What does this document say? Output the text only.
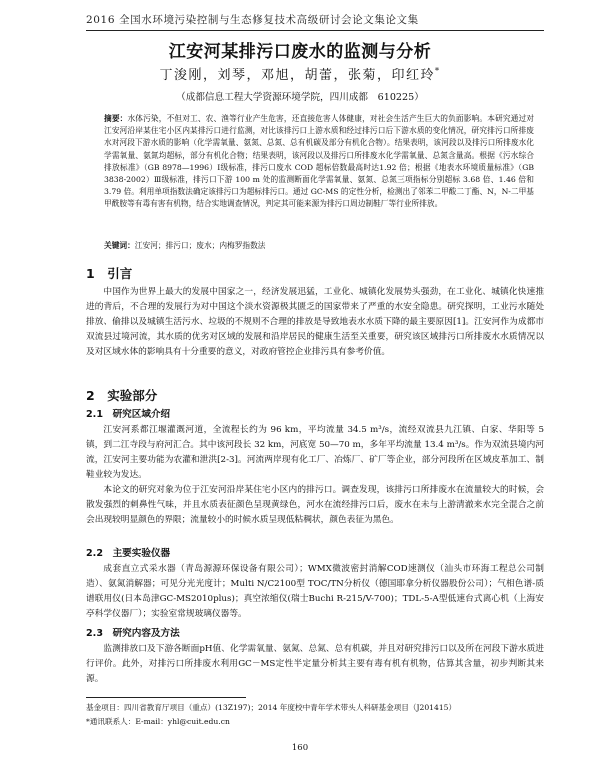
2016 全国水环境污染控制与生态修复技术高级研讨会论文集论文集
江安河某排污口废水的监测与分析
丁浚刚，刘琴，邓旭，胡蕾，张菊，印红玲*
（成都信息工程大学资源环境学院，四川成都　610225）
摘要：水体污染，不但对工、农、渔等行业产生危害，还直接危害人体健康，对社会生活产生巨大的负面影响。本研究通过对江安河沿岸某住宅小区内某排污口进行监测，对比该排污口上游水质和经过排污口后下游水质的变化情况，研究排污口所排废水对河段下游水质的影响（化学需氧量、氨氮、总氮、总有机碳及部分有机化合物）。结果表明，该河段以及排污口所排废水化学需氧量、氨氮均超标，部分有机化合物；结果表明，该河段以及排污口所排废水化学需氧量、总氮含量高。根据《污水综合排放标准》（GB 8978—1996）Ⅰ级标准，排污口废水 COD 超标倍数最高时达1.92 倍；根据《地表水环境质量标准》（GB 3838-2002）Ⅲ级标准，排污口下游 100 m 处的监测断面化学需氧量、氨氮、总氮三项指标分别超标 3.68 倍、1.46 倍和 3.79 倍。利用单项指数法确定该排污口为超标排污口。通过 GC-MS 的定性分析，检测出了邻苯二甲酸二丁酯、N，N-二甲基甲酰胺等有毒有害有机物，结合实地调查情况，判定其可能来源为排污口周边制鞋厂等行业所排放。
关键词：江安河；排污口；废水；内梅罗指数法
1　引言
中国作为世界上最大的发展中国家之一，经济发展迅猛，工业化、城镇化发展势头强劲，在工业化、城镇化快速推进的背后，不合理的发展行为对中国这个淡水资源极其匮乏的国家带来了严重的水安全隐患。研究探明，工业污水随处排放、偷排以及城镇生活污水、垃圾的不规则不合理的排放是导致地表水水质下降的最主要原因[1]。江安河作为成都市双流县过境河流，其水质的优劣对区域的发展和沿岸居民的健康生活至关重要，研究该区域排污口所排废水水质情况以及对区域水体的影响具有十分重要的意义，对政府管控企业排污具有参考价值。
2　实验部分
2.1　研究区域介绍
江安河系都江堰灌溉河道，全流程长约为 96 km，平均流量 34.5 m³/s，流经双流县九江镇、白家、华阳等 5 镇，到二江寺段与府河汇合。其中该河段长 32 km，河底宽 50—70 m，多年平均流量 13.4 m³/s。作为双流县境内河流，江安河主要功能为农灌和泄洪[2-3]。河流两岸现有化工厂、冶炼厂、矿厂等企业，部分河段所在区域皮革加工、制鞋业较为发达。
本论文的研究对象为位于江安河沿岸某住宅小区内的排污口。调查发现，该排污口所排废水在流量较大的时候，会散发强烈的刺鼻性气味，并且水质表征颜色呈现黄绿色，河水在流经排污口后，废水在未与上游清澈来水完全混合之前会出现较明显颜色的界限；流量较小的时候水质呈现低粘稠状，颜色表征为黑色。
2.2　主要实验仪器
成套直立式采水器（青岛源源环保设备有限公司）；WMX微波密封消解COD速测仪（汕头市环海工程总公司制造）、氨氮消解器；可见分光光度计；Multi N/C2100型 TOC/TN分析仪（德国耶拿分析仪器股份公司）；气相色谱-质谱联用仪(日本岛津GC-MS2010plus)；真空浓缩仪(瑞士Buchi R-215/V-700)；TDL-5-A型低速台式离心机（上海安亭科学仪器厂）；实验室常规玻璃仪器等。
2.3　研究内容及方法
监测排放口及下游各断面pH值、化学需氧量、氨氮、总氮、总有机碳，并且对研究排污口以及所在河段下游水质进行评价。此外，对排污口所排废水利用GC－MS定性半定量分析其主要有毒有机有机物，估算其含量，初步判断其来源。
基金项目：四川省教育厅项目（重点）(13Z197)；2014 年度校中青年学术带头人科研基金项目（J201415）
*通讯联系人：E-mail：yhl@cuit.edu.cn
160
